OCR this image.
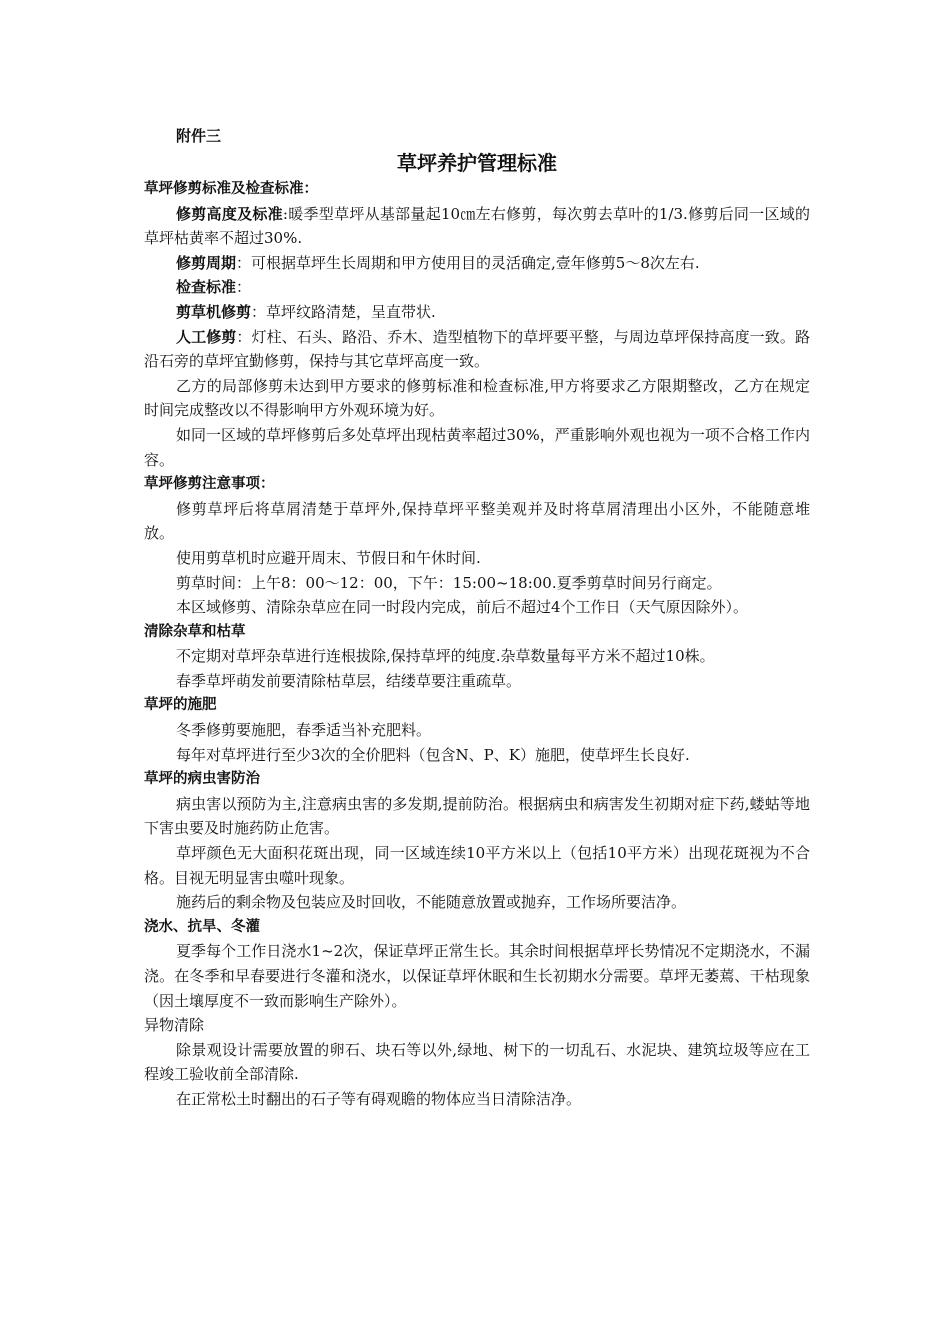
附件三
草坪养护管理标准
草坪修剪标准及检查标准：

修剪高度及标准:暖季型草坪从基部量起10㎝左右修剪，每次剪去草叶的1/3.修剪后同一区域的草坪枯黄率不超过30%.

修剪周期：可根据草坪生长周期和甲方使用目的灵活确定,壹年修剪5～8次左右.

检查标准：

剪草机修剪：草坪纹路清楚，呈直带状.

人工修剪：灯柱、石头、路沿、乔木、造型植物下的草坪要平整，与周边草坪保持高度一致。路沿石旁的草坪宜勤修剪，保持与其它草坪高度一致。

乙方的局部修剪未达到甲方要求的修剪标准和检查标准,甲方将要求乙方限期整改，乙方在规定时间完成整改以不得影响甲方外观环境为好。

如同一区域的草坪修剪后多处草坪出现枯黄率超过30%，严重影响外观也视为一项不合格工作内容。

草坪修剪注意事项：

修剪草坪后将草屑清楚于草坪外,保持草坪平整美观并及时将草屑清理出小区外，不能随意堆放。

使用剪草机时应避开周末、节假日和午休时间.

剪草时间：上午8：00～12：00，下午：15:00~18:00.夏季剪草时间另行商定。

本区域修剪、清除杂草应在同一时段内完成，前后不超过4个工作日（天气原因除外）。

清除杂草和枯草

不定期对草坪杂草进行连根拔除,保持草坪的纯度.杂草数量每平方米不超过10株。

春季草坪萌发前要清除枯草层，结缕草要注重疏草。

草坪的施肥

冬季修剪要施肥，春季适当补充肥料。

每年对草坪进行至少3次的全价肥料（包含N、P、K）施肥，使草坪生长良好.

草坪的病虫害防治

病虫害以预防为主,注意病虫害的多发期,提前防治。根据病虫和病害发生初期对症下药,蝼蛄等地下害虫要及时施药防止危害。

草坪颜色无大面积花斑出现，同一区域连续10平方米以上（包括10平方米）出现花斑视为不合格。目视无明显害虫噬叶现象。

施药后的剩余物及包装应及时回收，不能随意放置或抛弃，工作场所要洁净。

浇水、抗旱、冬灌

夏季每个工作日浇水1~2次，保证草坪正常生长。其余时间根据草坪长势情况不定期浇水，不漏浇。在冬季和早春要进行冬灌和浇水，以保证草坪休眠和生长初期水分需要。草坪无萎蔫、干枯现象（因土壤厚度不一致而影响生产除外）。

异物清除

除景观设计需要放置的卵石、块石等以外,绿地、树下的一切乱石、水泥块、建筑垃圾等应在工程竣工验收前全部清除.

在正常松土时翻出的石子等有碍观瞻的物体应当日清除洁净。
